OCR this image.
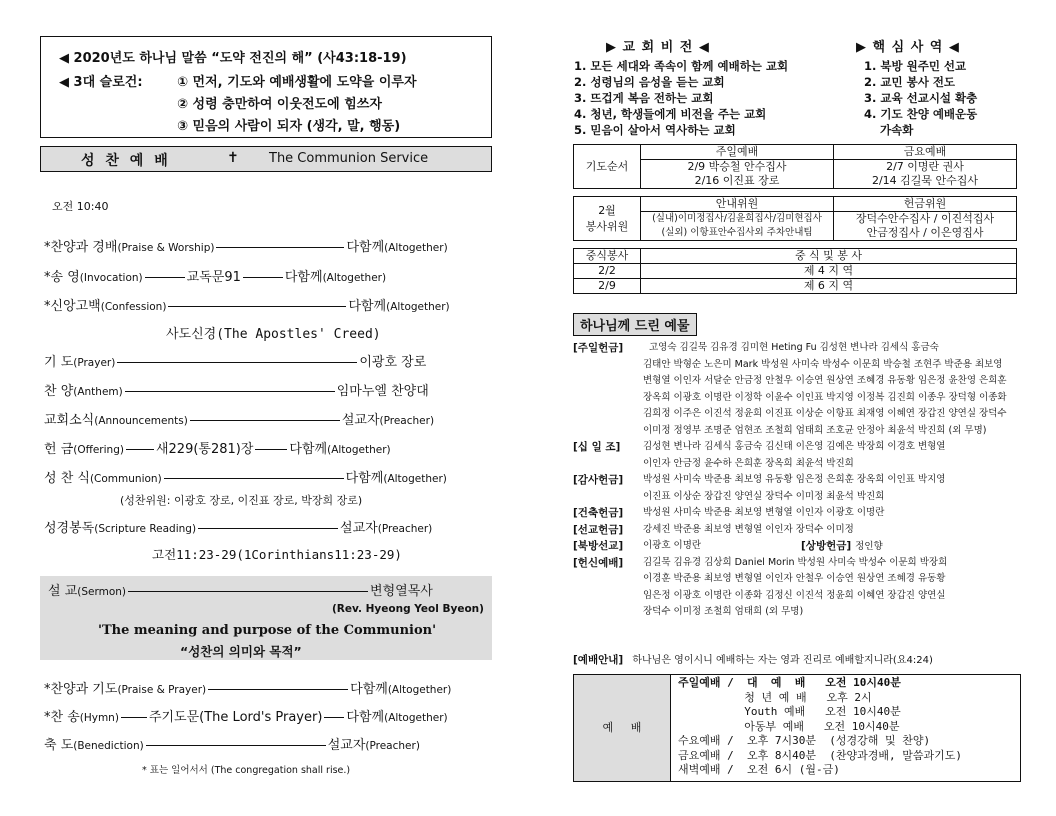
◀ 2020년도 하나님 말씀 “도약 전진의 해” (사43:18-19)
◀ 3대 슬로건:	① 먼저, 기도와 예배생활에 도약을 이루자
② 성령 충만하여 이웃전도에 힘쓰자
③ 믿음의 사람이 되자 (생각, 말, 행동)
성 찬 예 배	✝ The Communion Service
오전 10:40
*찬양과 경배(Praise & Worship)	다함께(Altogether)
*송 영(Invocation)	교독문91	다함께(Altogether)
*신앙고백(Confession)	다함께(Altogether)
사도신경(The Apostles' Creed)
기 도(Prayer)	이광호 장로
찬 양(Anthem)	임마누엘 찬양대
교회소식(Announcements)	설교자(Preacher)
헌 금(Offering) 새229(통281)장	다함께(Altogether)
성 찬 식(Communion)	다함께(Altogether)
(성찬위원: 이광호 장로, 이진표 장로, 박장희 장로)
성경봉독(Scripture Reading)	설교자(Preacher)
고전11:23-29(1Corinthians11:23-29)
설 교(Sermon)	변형열목사
(Rev. Hyeong Yeol Byeon)
'The meaning and purpose of the Communion'
“성찬의 의미와 목적”
*찬양과 기도(Praise & Prayer)	다함께(Altogether)
*찬 송(Hymn) 주기도문(The Lord's Prayer) 다함께(Altogether)
축 도(Benediction)	설교자(Preacher)
* 표는 일어서서 (The congregation shall rise.)
▶ 교 회 비 전 ◀	▶ 핵 심 사 역 ◀
1. 모든 세대와 족속이 함께 예배하는 교회
2. 성령님의 음성을 듣는 교회
3. 뜨겁게 복음 전하는 교회
4. 청년, 학생들에게 비전을 주는 교회
5. 믿음이 살아서 역사하는 교회
1. 북방 원주민 선교
2. 교민 봉사 전도
3. 교육 선교시설 확충
4. 기도 찬양 예배운동
가속화
기도순서	주일예배	금요예배
	2/9 박승철 안수집사	2/7 이명란 권사
	2/16 이진표 장로	2/14 김길묵 안수집사
2월
봉사위원	안내위원	헌금위원
	(실내)이미정집사/김윤희집사/김미현집사	장덕수안수집사 / 이진석집사
	(실외) 이항표안수집사외 주차안내팀	안금정집사 / 이은영집사
중식봉사	중 식 및 봉 사
2/2	제 4 지 역
2/9	제 6 지 역
하나님께 드린 예물
[주일헌금]	고영숙 김길묵 김유경 김미현 Heting Fu 김성현 변나라 김세식 홍금숙
김태안 박형순 노은미 Mark 박성원 사미숙 박성수 이문희 박승철 조현주 박준용 최보영
변형열 이인자 서달순 안금정 안철우 이승연 원상연 조혜경 유동황 임은정 윤찬영 은희훈
장옥희 이광호 이명란 이정학 이윤수 이인표 박지영 이정복 김진희 이종우 장덕형 이종화
김희정 이주은 이진석 정윤희 이진표 이상순 이항표 최재영 이혜연 장갑진 양연실 장덕수
이미정 정영부 조명준 엄현조 조철희 엄태희 조호균 안정아 최윤석 박진희 (외 무명)
[십 일 조] 김성현 변나라 김세식 홍금숙 김신태 이은영 김예은 박장희 이경호 변형열
이인자 안금정 윤수하 은희훈 장옥희 최윤석 박진희
[감사헌금] 박성원 사미숙 박준용 최보영 유동황 임은정 은희훈 장옥희 이인표 박지영
이진표 이상순 장갑진 양연실 장덕수 이미정 최윤석 박진희
[건축헌금] 박성원 사미숙 박준용 최보영 변형열 이인자 이광호 이명란
[선교헌금] 강세진 박준용 최보영 변형열 이인자 장덕수 이미정
[북방선교] 이광호 이명란	[상방헌금] 정인향
[헌신예배] 김길묵 김유경 김상희 Daniel Morin 박성원 사미숙 박성수 이문희 박장희
이경훈 박준용 최보영 변형열 이인자 안철우 이승연 원상연 조혜경 유동황
임은정 이광호 이명란 이종화 김정신 이진석 정윤희 이혜연 장갑진 양연실
장덕수 이미정 조철희 엄태희 (외 무명)
[예배안내] 하나님은 영이시니 예배하는 자는 영과 진리로 예배할지니라(요4:24)
예     배
주일예배 /  대  예  배   오전 10시40분
청 년 예 배   오후 2시
Youth 예배   오전 10시40분
아동부 예배   오전 10시40분
수요예배 /  오후 7시30분  (성경강해 및 찬양)
금요예배 /  오후 8시40분  (찬양과경배, 말씀과기도)
새벽예배 /  오전 6시 (월-금)
